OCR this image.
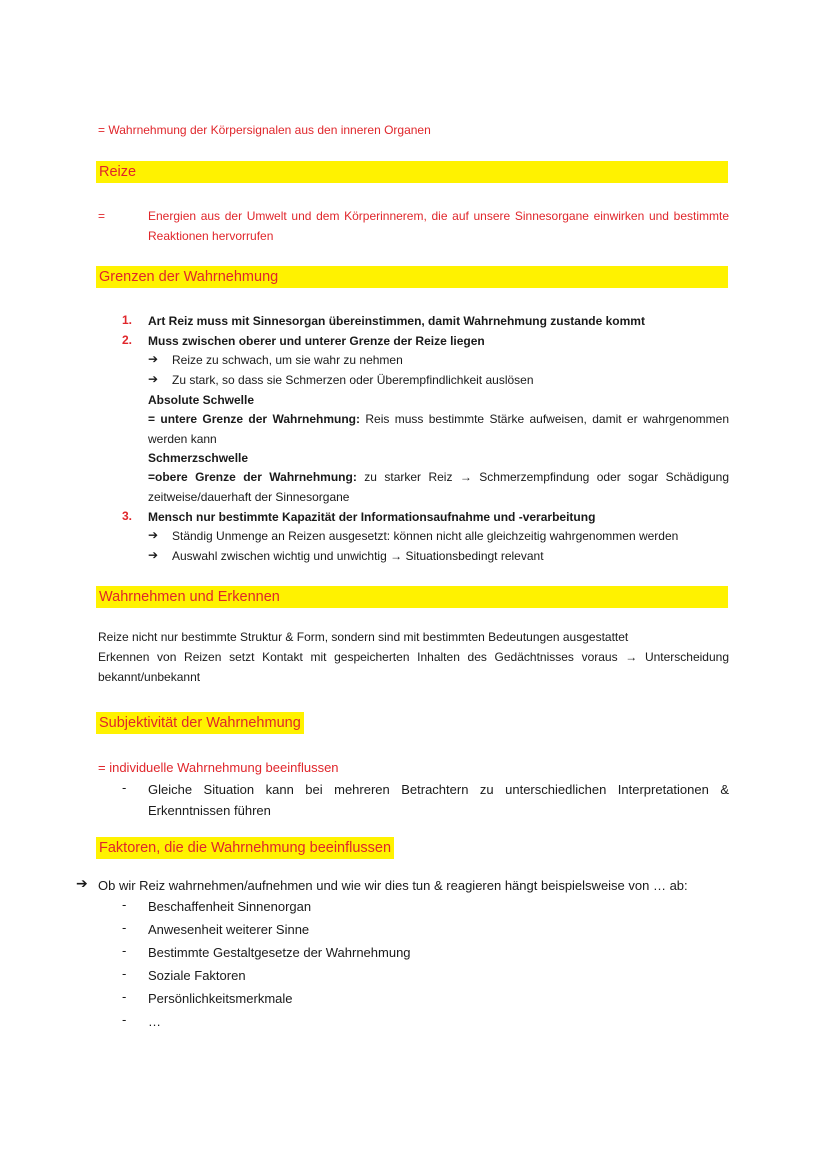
= Wahrnehmung der Körpersignalen aus den inneren Organen
Reize
=	Energien aus der Umwelt und dem Körperinnerem, die auf unsere Sinnesorgane einwirken und bestimmte Reaktionen hervorrufen
Grenzen der Wahrnehmung
1. Art Reiz muss mit Sinnesorgan übereinstimmen, damit Wahrnehmung zustande kommt
2. Muss zwischen oberer und unterer Grenze der Reize liegen
➔ Reize zu schwach, um sie wahr zu nehmen
➔ Zu stark, so dass sie Schmerzen oder Überempfindlichkeit auslösen
Absolute Schwelle
= untere Grenze der Wahrnehmung: Reis muss bestimmte Stärke aufweisen, damit er wahrgenommen werden kann
Schmerzschwelle
=obere Grenze der Wahrnehmung: zu starker Reiz → Schmerzempfindung oder sogar Schädigung zeitweise/dauerhaft der Sinnesorgane
3. Mensch nur bestimmte Kapazität der Informationsaufnahme und -verarbeitung
➔ Ständig Unmenge an Reizen ausgesetzt: können nicht alle gleichzeitig wahrgenommen werden
➔ Auswahl zwischen wichtig und unwichtig → Situationsbedingt relevant
Wahrnehmen und Erkennen
Reize nicht nur bestimmte Struktur & Form, sondern sind mit bestimmten Bedeutungen ausgestattet
Erkennen von Reizen setzt Kontakt mit gespeicherten Inhalten des Gedächtnisses voraus → Unterscheidung bekannt/unbekannt
Subjektivität der Wahrnehmung
= individuelle Wahrnehmung beeinflussen
- Gleiche Situation kann bei mehreren Betrachtern zu unterschiedlichen Interpretationen & Erkenntnissen führen
Faktoren, die die Wahrnehmung beeinflussen
➔ Ob wir Reiz wahrnehmen/aufnehmen und wie wir dies tun & reagieren hängt beispielsweise von … ab:
- Beschaffenheit Sinnenorgan
- Anwesenheit weiterer Sinne
- Bestimmte Gestaltgesetze der Wahrnehmung
- Soziale Faktoren
- Persönlichkeitsmerkmale
- …
